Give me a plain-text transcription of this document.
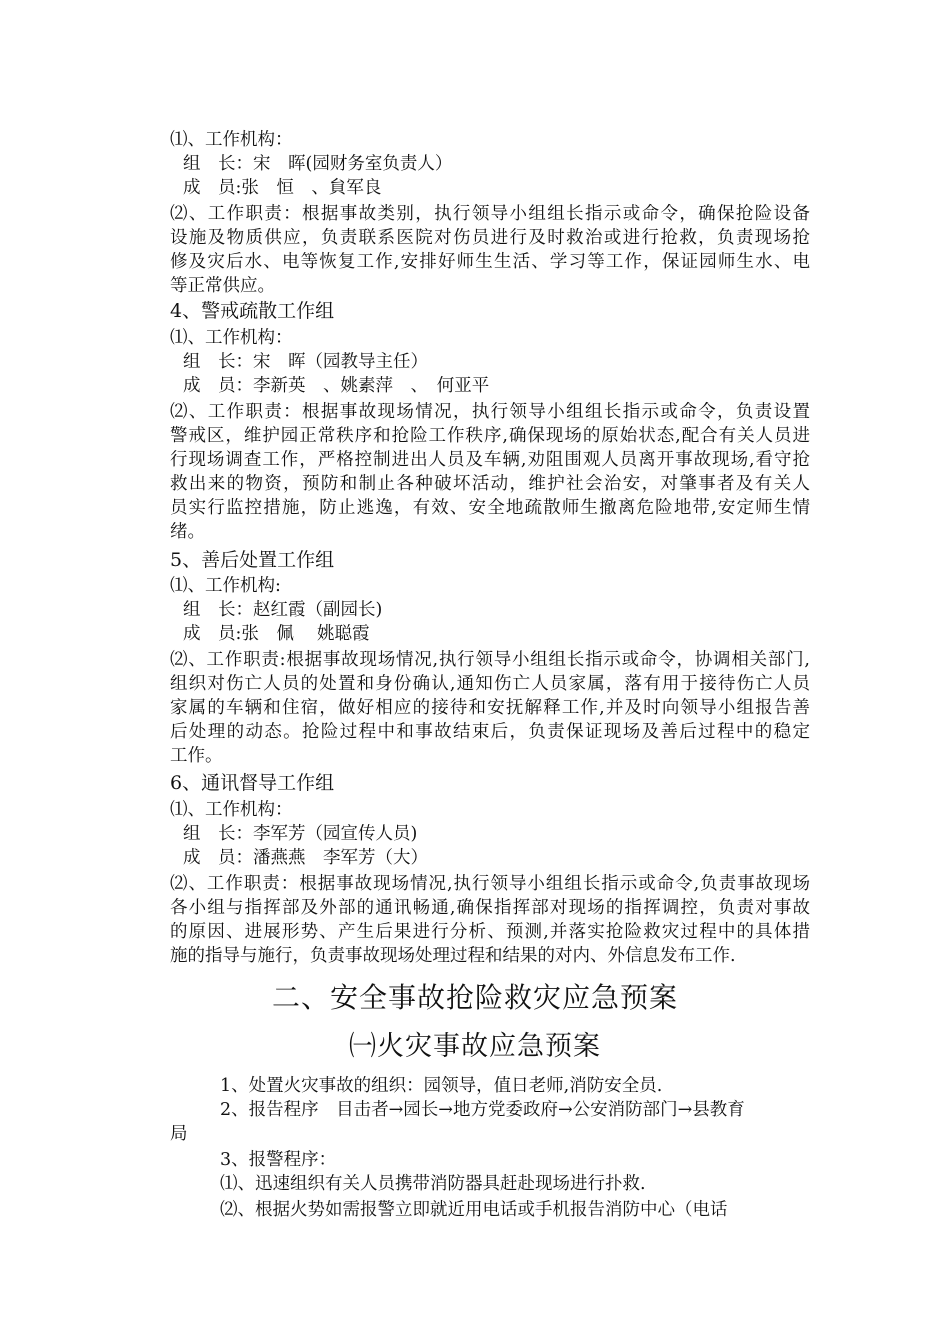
⑴、工作机构：
组　长：宋　晖(园财务室负责人）
成　员:张　恒　、貟军良
⑵、工作职责：根据事故类别，执行领导小组组长指示或命令，确保抢险设备
设施及物质供应，负责联系医院对伤员进行及时救治或进行抢救，负责现场抢
修及灾后水、电等恢复工作,安排好师生生活、学习等工作，保证园师生水、电
等正常供应。
4、警戒疏散工作组
⑴、工作机构：
组　长：宋　晖（园教导主任）
成　员：李新英　、姚素萍　、　何亚平
⑵、工作职责：根据事故现场情况，执行领导小组组长指示或命令，负责设置
警戒区，维护园正常秩序和抢险工作秩序,确保现场的原始状态,配合有关人员进
行现场调查工作，严格控制进出人员及车辆,劝阻围观人员离开事故现场,看守抢
救出来的物资，预防和制止各种破坏活动，维护社会治安，对肇事者及有关人
员实行监控措施，防止逃逸，有效、安全地疏散师生撤离危险地带,安定师生情
绪。
5、善后处置工作组
⑴、工作机构:
组　长：赵红霞（副园长)
成　员:张　佩　 姚聪霞
⑵、工作职责:根据事故现场情况,执行领导小组组长指示或命令，协调相关部门,
组织对伤亡人员的处置和身份确认,通知伤亡人员家属，落有用于接待伤亡人员
家属的车辆和住宿，做好相应的接待和安抚解释工作,并及时向领导小组报告善
后处理的动态。抢险过程中和事故结束后，负责保证现场及善后过程中的稳定
工作。
6、通讯督导工作组
⑴、工作机构：
组　长：李军芳（园宣传人员)
成　员：潘燕燕　李军芳（大）
⑵、工作职责：根据事故现场情况,执行领导小组组长指示或命令,负责事故现场
各小组与指挥部及外部的通讯畅通,确保指挥部对现场的指挥调控，负责对事故
的原因、进展形势、产生后果进行分析、预测,并落实抢险救灾过程中的具体措
施的指导与施行，负责事故现场处理过程和结果的对内、外信息发布工作.
二、安全事故抢险救灾应急预案
㈠火灾事故应急预案
1、处置火灾事故的组织：园领导，值日老师,消防安全员.
2、报告程序　目击者→园长→地方党委政府→公安消防部门→县教育
局
3、报警程序：
⑴、迅速组织有关人员携带消防器具赶赴现场进行扑救.
⑵、根据火势如需报警立即就近用电话或手机报告消防中心（电话
